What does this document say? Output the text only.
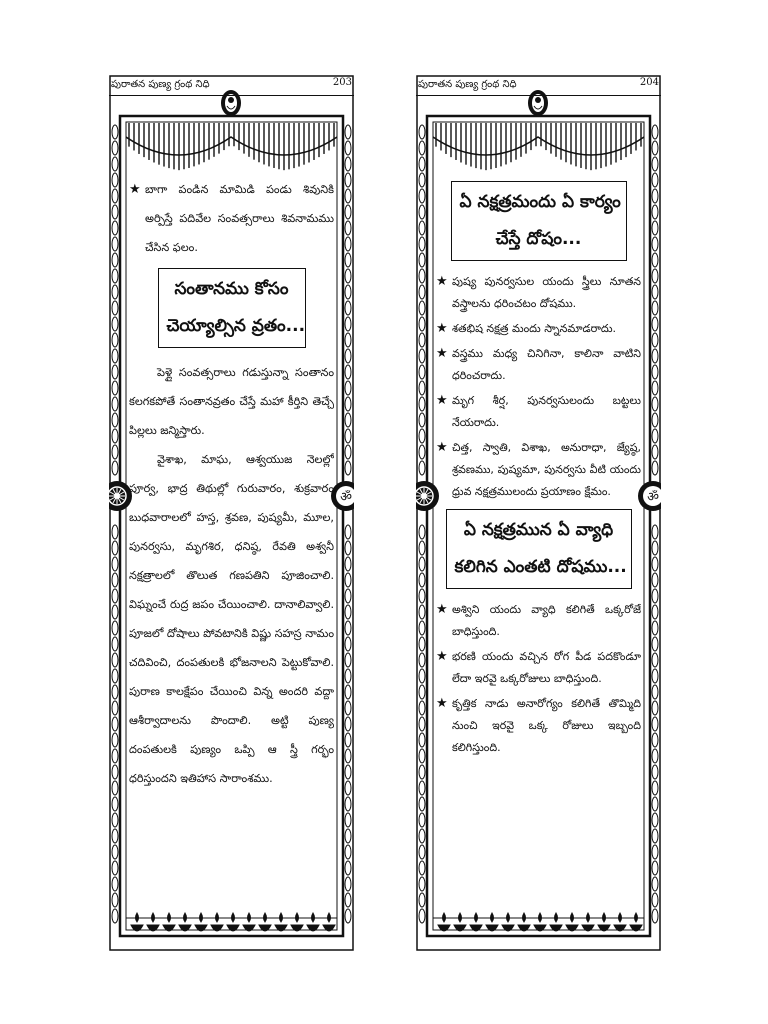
ॐ
పురాతన పుణ్య గ్రంథ నిధి	203
★ బాగా పండిన మామిడి పండు శివునికి అర్పిస్తే పదివేల సంవత్సరాలు శివనామము చేసిన ఫలం.
సంతానము కోసం
చెయ్యాల్సిన వ్రతం...

పెళ్లై సంవత్సరాలు గడుస్తున్నా సంతానం కలగకపోతే సంతానవ్రతం చేస్తే మహా కీర్తిని తెచ్చే పిల్లలు జన్మిస్తారు.

వైశాఖ, మాఘ, ఆశ్వయుజ నెలల్లో పూర్వ, భాద్ర తిథుల్లో గురువారం, శుక్రవారం బుధవారాలలో హస్త, శ్రవణ, పుష్యమీ, మూల, పునర్వసు, మృగశిర, ధనిష్ఠ, రేవతి అశ్వనీ నక్షత్రాలలో తొలుత గణపతిని పూజించాలి. విఘ్నంచే రుద్ర జపం చేయించాలి. దానాలివ్వాలి. పూజలో దోషాలు పోవటానికి విష్ణు సహస్ర నామం చదివించి, దంపతులకి భోజనాలని పెట్టుకోవాలి. పురాణ కాలక్షేపం చేయించి విన్న అందరి వద్దా ఆశీర్వాదాలను పొందాలి. అట్టి పుణ్య దంపతులకి పుణ్యం ఒప్పి ఆ స్త్రీ గర్భం ధరిస్తుందని ఇతిహాస సారాంశము.

ॐ
పురాతన పుణ్య గ్రంథ నిధి	204
ఏ నక్షత్రమందు ఏ కార్యం
చేస్తే దోషం...
★ పుష్య పునర్వసుల యందు స్త్రీలు నూతన వస్త్రాలను ధరించటం దోషము.
★ శతభిష నక్షత్ర మందు స్నానమాడరాదు.
★ వస్త్రము మధ్య చినిగినా, కాలినా వాటిని ధరించరాదు.
★ మృగ శీర్ష, పునర్వసులందు బట్టలు నేయరాదు.
★ చిత్త, స్వాతి, విశాఖ, అనురాధా, జ్యేష్ఠ, శ్రవణము, పుష్యమా, పునర్వసు వీటి యందు ధ్రువ నక్షత్రములందు ప్రయాణం క్షేమం.
ఏ నక్షత్రమున ఏ వ్యాధి
కలిగిన ఎంతటి దోషము...
★ అశ్విని యందు వ్యాధి కలిగితే ఒక్కరోజే బాధిస్తుంది.
★ భరణి యందు వచ్చిన రోగ పీడ పదకొండూ లేదా ఇరవై ఒక్కరోజులు బాధిస్తుంది.
★ కృత్తిక నాడు అనారోగ్యం కలిగితే తొమ్మిది నుంచి ఇరవై ఒక్క రోజులు ఇబ్బంది కలిగిస్తుంది.
